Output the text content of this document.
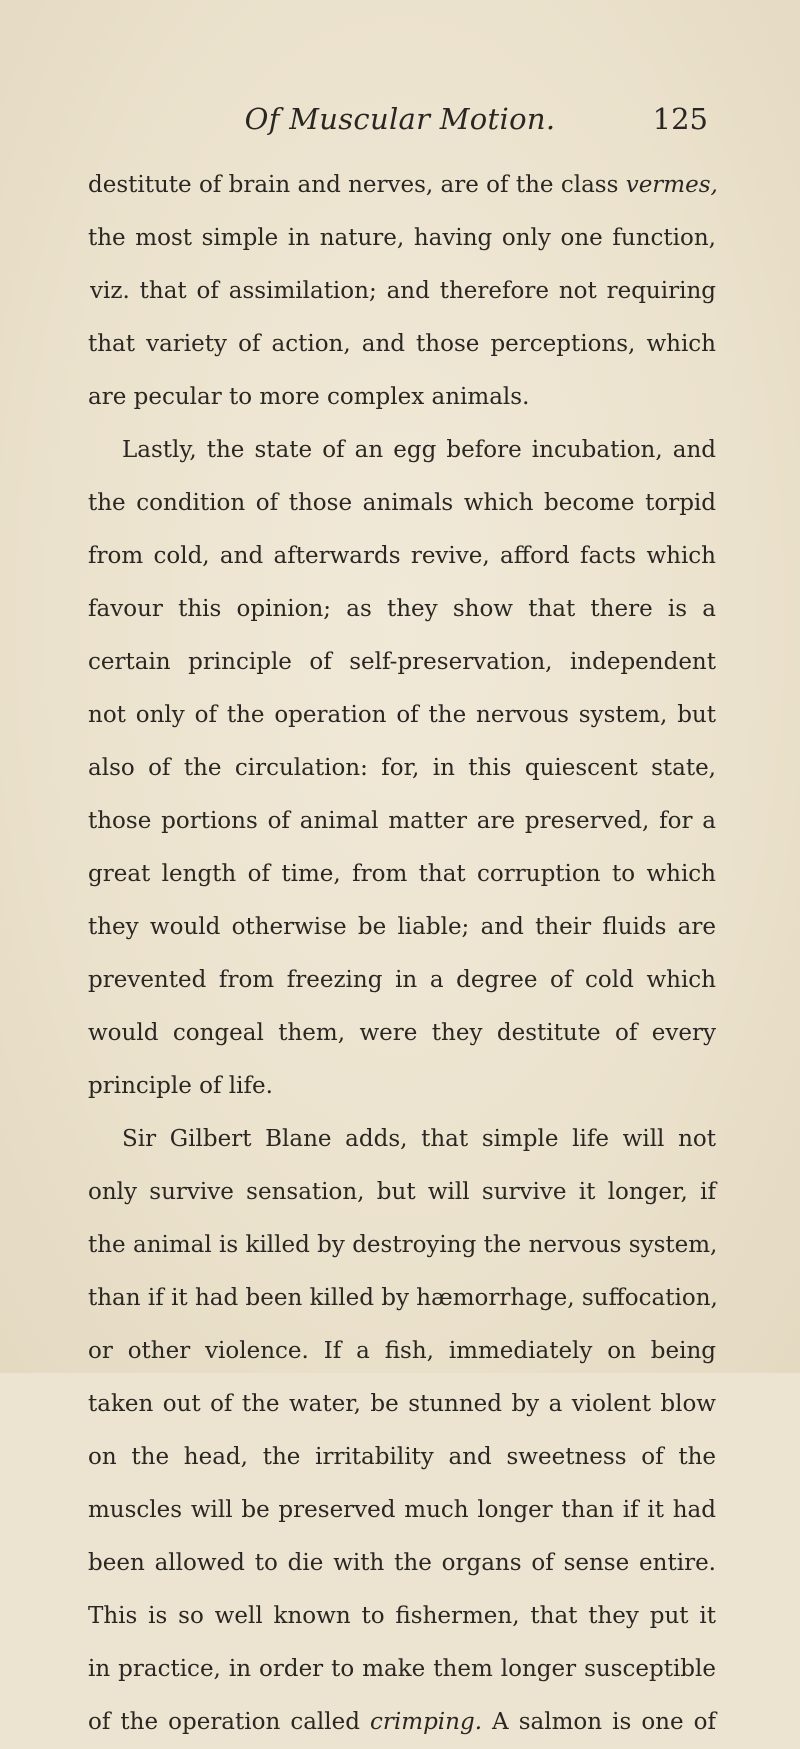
Of Muscular Motion.	125
destitute of brain and nerves, are of the class vermes,
the most simple in nature, having only one function,
viz. that of assimilation; and therefore not requiring
that variety of action, and those perceptions, which
are pecular to more complex animals.
Lastly, the state of an egg before incubation, and
the condition of those animals which become torpid
from cold, and afterwards revive, afford facts which
favour this opinion; as they show that there is a
certain principle of self-preservation, independent
not only of the operation of the nervous system, but
also of the circulation: for, in this quiescent state,
those portions of animal matter are preserved, for a
great length of time, from that corruption to which
they would otherwise be liable; and their fluids are
prevented from freezing in a degree of cold which
would congeal them, were they destitute of every
principle of life.
Sir Gilbert Blane adds, that simple life will not
only survive sensation, but will survive it longer, if
the animal is killed by destroying the nervous system,
than if it had been killed by hæmorrhage, suffocation,
or other violence. If a fish, immediately on being
taken out of the water, be stunned by a violent blow
on the head, the irritability and sweetness of the
muscles will be preserved much longer than if it had
been allowed to die with the organs of sense entire.
This is so well known to fishermen, that they put it
in practice, in order to make them longer susceptible
of the operation called crimping. A salmon is one of
